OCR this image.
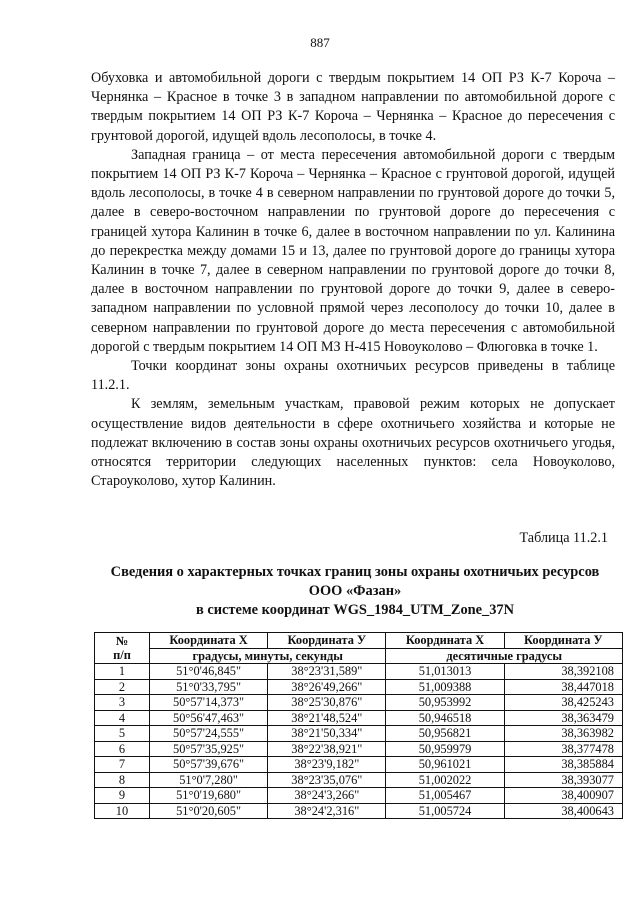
887

Обуховка и автомобильной дороги с твердым покрытием 14 ОП РЗ К-7 Короча – Чернянка – Красное в точке 3 в западном направлении по автомобильной дороге с твердым покрытием 14 ОП РЗ К-7 Короча – Чернянка – Красное до пересечения с грунтовой дорогой, идущей вдоль лесополосы, в точке 4.

Западная граница – от места пересечения автомобильной дороги с твердым покрытием 14 ОП РЗ К-7 Короча – Чернянка – Красное с грунтовой дорогой, идущей вдоль лесополосы, в точке 4 в северном направлении по грунтовой дороге до точки 5, далее в северо-восточном направлении по грунтовой дороге до пересечения с границей хутора Калинин в точке 6, далее в восточном направлении по ул. Калинина до перекрестка между домами 15 и 13, далее по грунтовой дороге до границы хутора Калинин в точке 7, далее в северном направлении по грунтовой дороге до точки 8, далее в восточном направлении по грунтовой дороге до точки 9, далее в северо-западном направлении по условной прямой через лесополосу до точки 10, далее в северном направлении по грунтовой дороге до места пересечения с автомобильной дорогой с твердым покрытием 14 ОП МЗ Н-415 Новоуколово – Флюговка в точке 1.

Точки координат зоны охраны охотничьих ресурсов приведены в таблице 11.2.1.

К землям, земельным участкам, правовой режим которых не допускает осуществление видов деятельности в сфере охотничьего хозяйства и которые не подлежат включению в состав зоны охраны охотничьих ресурсов охотничьего угодья, относятся территории следующих населенных пунктов: села Новоуколово, Староуколово, хутор Калинин.

Таблица 11.2.1
Сведения о характерных точках границ зоны охраны охотничьих ресурсов
ООО «Фазан»
в системе координат WGS_1984_UTM_Zone_37N
№
п/п	Координата X	Координата У	Координата X	Координата У
	градусы, минуты, секунды		десятичные градусы	
1	51°0'46,845"	38°23'31,589"	51,013013	38,392108
2	51°0'33,795"	38°26'49,266"	51,009388	38,447018
3	50°57'14,373"	38°25'30,876"	50,953992	38,425243
4	50°56'47,463"	38°21'48,524"	50,946518	38,363479
5	50°57'24,555"	38°21'50,334"	50,956821	38,363982
6	50°57'35,925"	38°22'38,921"	50,959979	38,377478
7	50°57'39,676"	38°23'9,182"	50,961021	38,385884
8	51°0'7,280"	38°23'35,076"	51,002022	38,393077
9	51°0'19,680"	38°24'3,266"	51,005467	38,400907
10	51°0'20,605"	38°24'2,316"	51,005724	38,400643
